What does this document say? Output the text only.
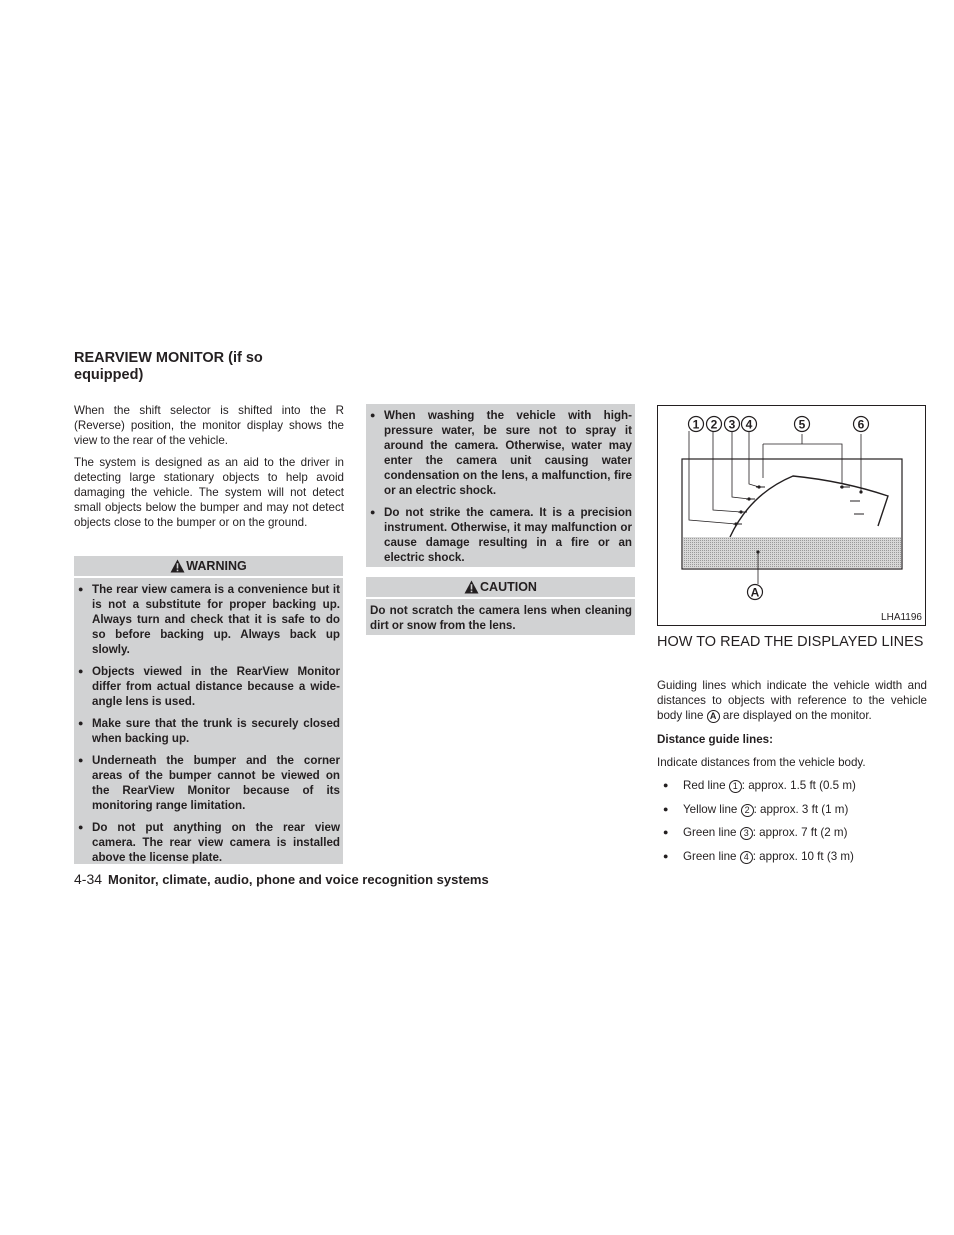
REARVIEW MONITOR (if so equipped)

When the shift selector is shifted into the R (Reverse) position, the monitor display shows the view to the rear of the vehicle.

The system is designed as an aid to the driver in detecting large stationary objects to help avoid damaging the vehicle. The system will not detect small objects below the bumper and may not detect objects close to the bumper or on the ground.

WARNING
● The rear view camera is a convenience but it is not a substitute for proper backing up. Always turn and check that it is safe to do so before backing up. Always back up slowly.
● Objects viewed in the RearView Monitor differ from actual distance because a wide-angle lens is used.
● Make sure that the trunk is securely closed when backing up.
● Underneath the bumper and the corner areas of the bumper cannot be viewed on the RearView Monitor because of its monitoring range limitation.
● Do not put anything on the rear view camera. The rear view camera is installed above the license plate.
● When washing the vehicle with high-pressure water, be sure not to spray it around the camera. Otherwise, water may enter the camera unit causing water condensation on the lens, a malfunction, fire or an electric shock.
● Do not strike the camera. It is a precision instrument. Otherwise, it may malfunction or cause damage resulting in a fire or an electric shock.
CAUTION
Do not scratch the camera lens when cleaning dirt or snow from the lens.
1 2 3 4	5	6
A
LHA1196
HOW TO READ THE DISPLAYED LINES

Guiding lines which indicate the vehicle width and distances to objects with reference to the vehicle body line A are displayed on the monitor.

Distance guide lines:

Indicate distances from the vehicle body.

● Red line 1 : approx. 1.5 ft (0.5 m)
● Yellow line 2 : approx. 3 ft (1 m)
● Green line 3 : approx. 7 ft (2 m)
● Green line 4 : approx. 10 ft (3 m)
4-34 Monitor, climate, audio, phone and voice recognition systems
